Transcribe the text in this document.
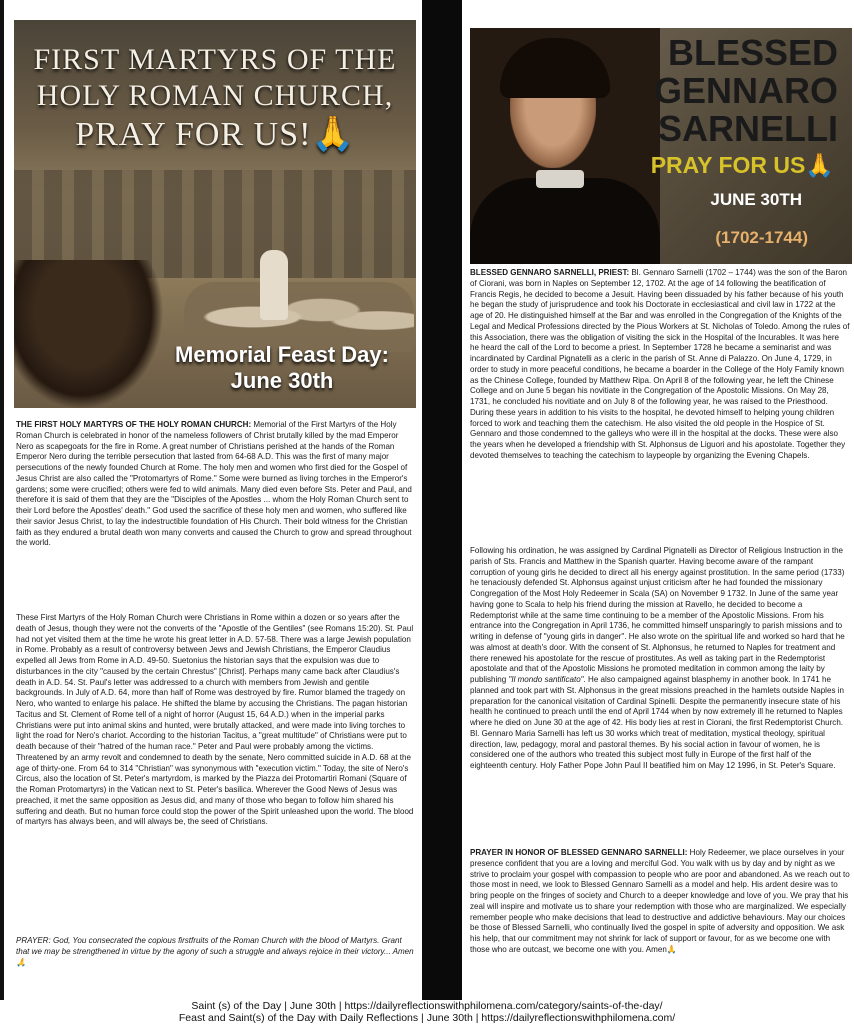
FIRST MARTYRS OF THE
HOLY ROMAN CHURCH,
PRAY FOR US!🙏
Memorial Feast Day:
June 30th

THE FIRST HOLY MARTYRS OF THE HOLY ROMAN CHURCH: Memorial of the First Martyrs of the Holy Roman Church is celebrated in honor of the nameless followers of Christ brutally killed by the mad Emperor Nero as scapegoats for the fire in Rome. A great number of Christians perished at the hands of the Roman Emperor Nero during the terrible persecution that lasted from 64-68 A.D. This was the first of many major persecutions of the newly founded Church at Rome. The holy men and women who first died for the Gospel of Jesus Christ are also called the "Protomartyrs of Rome." Some were burned as living torches in the Emperor's gardens; some were crucified; others were fed to wild animals. Many died even before Sts. Peter and Paul, and therefore it is said of them that they are the "Disciples of the Apostles ... whom the Holy Roman Church sent to their Lord before the Apostles' death." God used the sacrifice of these holy men and women, who suffered like their savior Jesus Christ, to lay the indestructible foundation of His Church. Their bold witness for the Christian faith as they endured a brutal death won many converts and caused the Church to grow and spread throughout the world.

These First Martyrs of the Holy Roman Church were Christians in Rome within a dozen or so years after the death of Jesus, though they were not the converts of the "Apostle of the Gentiles" (see Romans 15:20). St. Paul had not yet visited them at the time he wrote his great letter in A.D. 57-58. There was a large Jewish population in Rome. Probably as a result of controversy between Jews and Jewish Christians, the Emperor Claudius expelled all Jews from Rome in A.D. 49-50. Suetonius the historian says that the expulsion was due to disturbances in the city "caused by the certain Chrestus" [Christ]. Perhaps many came back after Claudius's death in A.D. 54. St. Paul's letter was addressed to a church with members from Jewish and gentile backgrounds. In July of A.D. 64, more than half of Rome was destroyed by fire. Rumor blamed the tragedy on Nero, who wanted to enlarge his palace. He shifted the blame by accusing the Christians. The pagan historian Tacitus and St. Clement of Rome tell of a night of horror (August 15, 64 A.D.) when in the imperial parks Christians were put into animal skins and hunted, were brutally attacked, and were made into living torches to light the road for Nero's chariot. According to the historian Tacitus, a "great multitude" of Christians were put to death because of their "hatred of the human race." Peter and Paul were probably among the victims. Threatened by an army revolt and condemned to death by the senate, Nero committed suicide in A.D. 68 at the age of thirty-one. From 64 to 314 "Christian" was synonymous with "execution victim." Today, the site of Nero's Circus, also the location of St. Peter's martyrdom, is marked by the Piazza dei Protomartiri Romani (Square of the Roman Protomartyrs) in the Vatican next to St. Peter's basilica. Wherever the Good News of Jesus was preached, it met the same opposition as Jesus did, and many of those who began to follow him shared his suffering and death. But no human force could stop the power of the Spirit unleashed upon the world. The blood of martyrs has always been, and will always be, the seed of Christians.

PRAYER: God, You consecrated the copious firstfruits of the Roman Church with the blood of Martyrs. Grant that we may be strengthened in virtue by the agony of such a struggle and always rejoice in their victory... Amen🙏

BLESSED
GENNARO
SARNELLI
PRAY FOR US🙏
JUNE 30TH
(1702-1744)

BLESSED GENNARO SARNELLI, PRIEST: Bl. Gennaro Sarnelli (1702 – 1744) was the son of the Baron of Ciorani, was born in Naples on September 12, 1702. At the age of 14 following the beatification of Francis Regis, he decided to become a Jesuit. Having been dissuaded by his father because of his youth he began the study of jurisprudence and took his Doctorate in ecclesiastical and civil law in 1722 at the age of 20. He distinguished himself at the Bar and was enrolled in the Congregation of the Knights of the Legal and Medical Professions directed by the Pious Workers at St. Nicholas of Toledo. Among the rules of this Association, there was the obligation of visiting the sick in the Hospital of the Incurables. It was here he heard the call of the Lord to become a priest. In September 1728 he became a seminarist and was incardinated by Cardinal Pignatelli as a cleric in the parish of St. Anne di Palazzo. On June 4, 1729, in order to study in more peaceful conditions, he became a boarder in the College of the Holy Family known as the Chinese College, founded by Matthew Ripa. On April 8 of the following year, he left the Chinese College and on June 5 began his novitiate in the Congregation of the Apostolic Missions. On May 28, 1731, he concluded his novitiate and on July 8 of the following year, he was raised to the Priesthood. During these years in addition to his visits to the hospital, he devoted himself to helping young children forced to work and teaching them the catechism. He also visited the old people in the Hospice of St. Gennaro and those condemned to the galleys who were ill in the hospital at the docks. These were also the years when he developed a friendship with St. Alphonsus de Liguori and his apostolate. Together they devoted themselves to teaching the catechism to laypeople by organizing the Evening Chapels.

Following his ordination, he was assigned by Cardinal Pignatelli as Director of Religious Instruction in the parish of Sts. Francis and Matthew in the Spanish quarter. Having become aware of the rampant corruption of young girls he decided to direct all his energy against prostitution. In the same period (1733) he tenaciously defended St. Alphonsus against unjust criticism after he had founded the missionary Congregation of the Most Holy Redeemer in Scala (SA) on November 9 1732. In June of the same year having gone to Scala to help his friend during the mission at Ravello, he decided to become a Redemptorist while at the same time continuing to be a member of the Apostolic Missions. From his entrance into the Congregation in April 1736, he committed himself unsparingly to parish missions and to writing in defense of "young girls in danger". He also wrote on the spiritual life and worked so hard that he was almost at death's door. With the consent of St. Alphonsus, he returned to Naples for treatment and there renewed his apostolate for the rescue of prostitutes. As well as taking part in the Redemptorist apostolate and that of the Apostolic Missions he promoted meditation in common among the laity by publishing "Il mondo santificato". He also campaigned against blasphemy in another book. In 1741 he planned and took part with St. Alphonsus in the great missions preached in the hamlets outside Naples in preparation for the canonical visitation of Cardinal Spinelli. Despite the permanently insecure state of his health he continued to preach until the end of April 1744 when by now extremely ill he returned to Naples where he died on June 30 at the age of 42. His body lies at rest in Ciorani, the first Redemptorist Church. Bl. Gennaro Maria Sarnelli has left us 30 works which treat of meditation, mystical theology, spiritual direction, law, pedagogy, moral and pastoral themes. By his social action in favour of women, he is considered one of the authors who treated this subject most fully in Europe of the first half of the eighteenth century. Holy Father Pope John Paul II beatified him on May 12 1996, in St. Peter's Square.

PRAYER IN HONOR OF BLESSED GENNARO SARNELLI: Holy Redeemer, we place ourselves in your presence confident that you are a loving and merciful God. You walk with us by day and by night as we strive to proclaim your gospel with compassion to people who are poor and abandoned. As we reach out to those most in need, we look to Blessed Gennaro Sarnelli as a model and help. His ardent desire was to bring people on the fringes of society and Church to a deeper knowledge and love of you. We pray that his zeal will inspire and motivate us to share your redemption with those who are marginalized. We especially remember people who make decisions that lead to destructive and addictive behaviours. May our choices be those of Blessed Sarnelli, who continually lived the gospel in spite of adversity and opposition. We ask his help, that our commitment may not shrink for lack of support or favour, for as we become one with those who are outcast, we become one with you. Amen🙏

Saint (s) of the Day | June 30th | https://dailyreflectionswithphilomena.com/category/saints-of-the-day/
Feast and Saint(s) of the Day with Daily Reflections | June 30th | https://dailyreflectionswithphilomena.com/
